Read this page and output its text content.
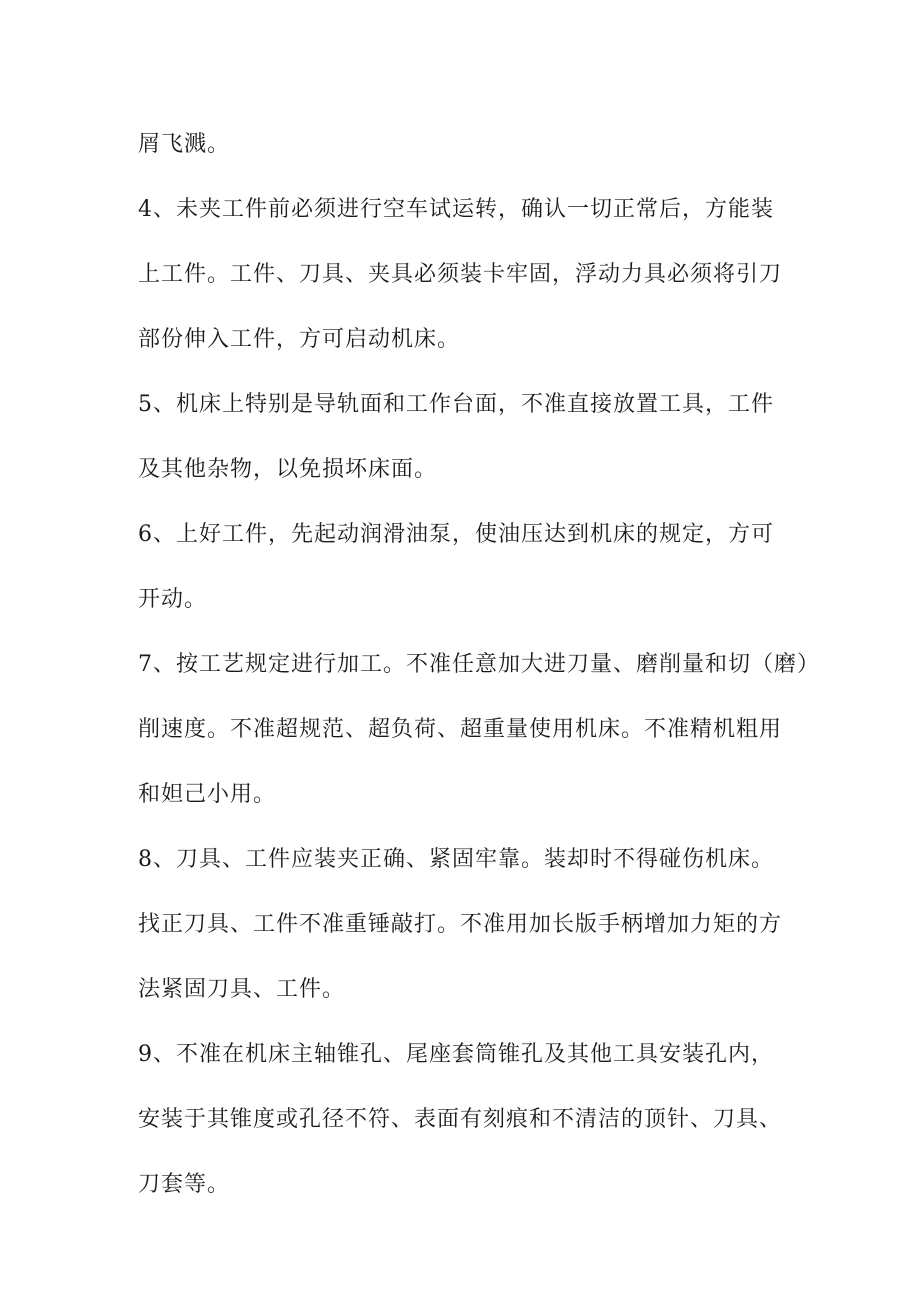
屑飞溅。
4、未夹工件前必须进行空车试运转，确认一切正常后，方能装
上工件。工件、刀具、夹具必须装卡牢固，浮动力具必须将引刀
部份伸入工件，方可启动机床。
5、机床上特别是导轨面和工作台面，不准直接放置工具，工件
及其他杂物，以免损坏床面。
6、上好工件，先起动润滑油泵，使油压达到机床的规定，方可
开动。
7、按工艺规定进行加工。不准任意加大进刀量、磨削量和切（磨）
削速度。不准超规范、超负荷、超重量使用机床。不准精机粗用
和妲己小用。
8、刀具、工件应装夹正确、紧固牢靠。装却时不得碰伤机床。
找正刀具、工件不准重锤敲打。不准用加长版手柄增加力矩的方
法紧固刀具、工件。
9、不准在机床主轴锥孔、尾座套筒锥孔及其他工具安装孔内，
安装于其锥度或孔径不符、表面有刻痕和不清洁的顶针、刀具、
刀套等。
